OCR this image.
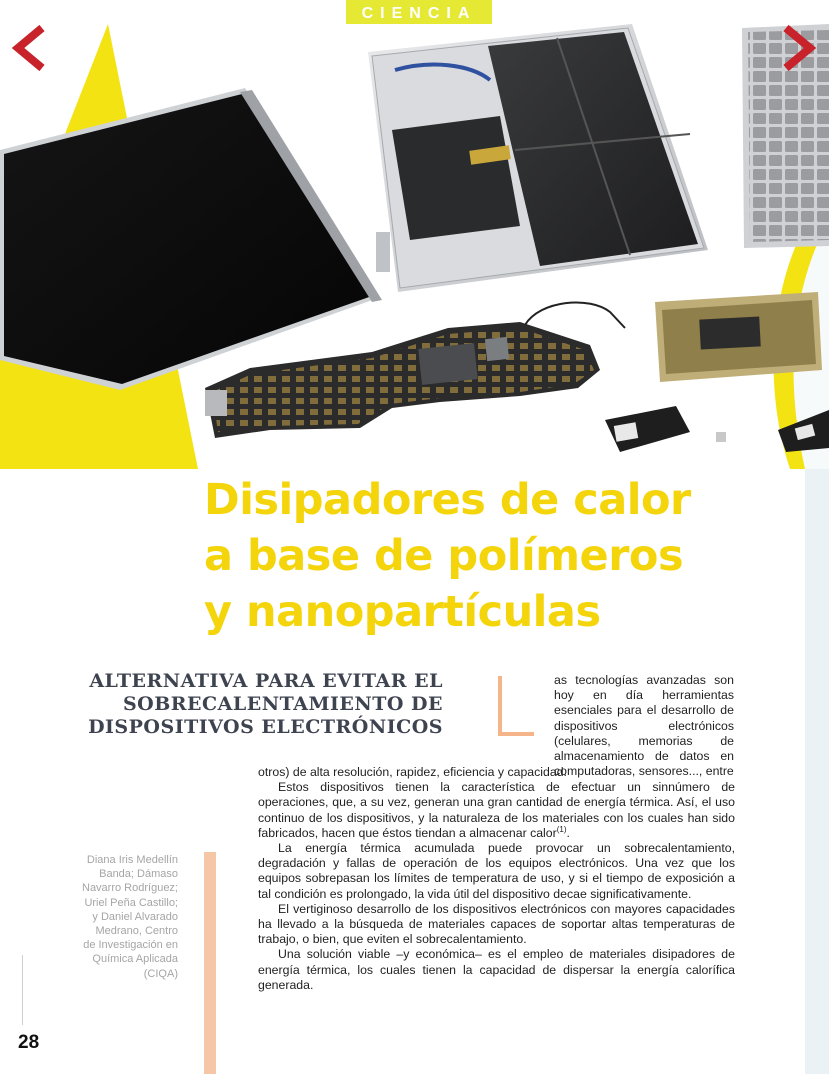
CIENCIA
Disipadores de calor
a base de polímeros
y nanopartículas
ALTERNATIVA PARA EVITAR EL
SOBRECALENTAMIENTO DE
DISPOSITIVOS ELECTRÓNICOS
as tecnologías avanzadas son hoy en día herramientas esenciales para el desarrollo de dispositivos electrónicos (celulares, memorias de almacenamiento de datos en computadoras, sensores..., entre

otros) de alta resolución, rapidez, eficiencia y capacidad.

Estos dispositivos tienen la característica de efectuar un sinnúmero de operaciones, que, a su vez, generan una gran cantidad de energía térmica. Así, el uso continuo de los dispositivos, y la naturaleza de los materiales con los cuales han sido fabricados, hacen que éstos tiendan a almacenar calor$^{(1)}$.

La energía térmica acumulada puede provocar un sobrecalentamiento, degradación y fallas de operación de los equipos electrónicos. Una vez que los equipos sobrepasan los límites de temperatura de uso, y si el tiempo de exposición a tal condición es prolongado, la vida útil del dispositivo decae significativamente.

El vertiginoso desarrollo de los dispositivos electrónicos con mayores capacidades ha llevado a la búsqueda de materiales capaces de soportar altas temperaturas de trabajo, o bien, que eviten el sobrecalentamiento.

Una solución viable –y económica– es el empleo de materiales disipadores de energía térmica, los cuales tienen la capacidad de dispersar la energía calorífica generada.

Diana Iris Medellín
Banda; Dámaso
Navarro Rodríguez;
Uriel Peña Castillo;
y Daniel Alvarado
Medrano, Centro
de Investigación en
Química Aplicada
(CIQA)
28
